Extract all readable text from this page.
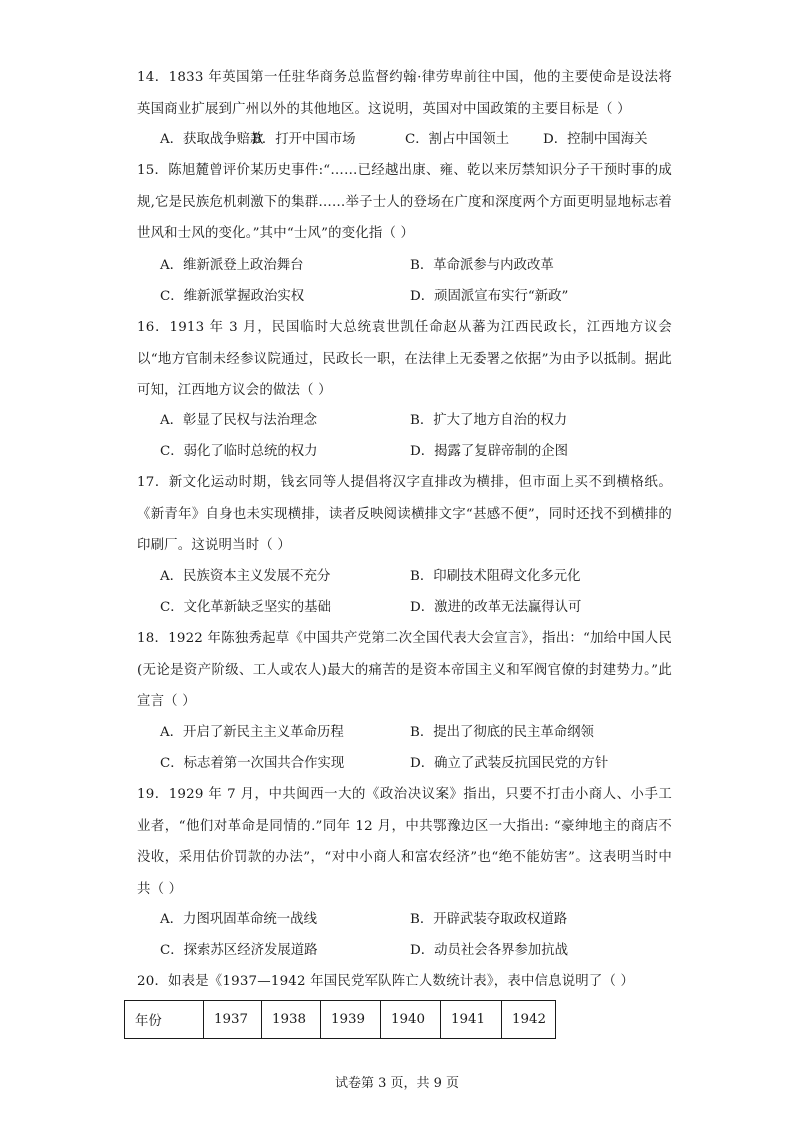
14．1833 年英国第一任驻华商务总监督约翰·律劳卑前往中国，他的主要使命是设法将英国商业扩展到广州以外的其他地区。这说明，英国对中国政策的主要目标是（ ）
A．获取战争赔款
B．打开中国市场	C．割占中国领土	D．控制中国海关
15．陈旭麓曾评价某历史事件:“……已经越出康、雍、乾以来厉禁知识分子干预时事的成规,它是民族危机刺激下的集群……举子士人的登场在广度和深度两个方面更明显地标志着世风和士风的变化。”其中“士风”的变化指（ ）
A．维新派登上政治舞台	B．革命派参与内政改革
C．维新派掌握政治实权	D．顽固派宣布实行“新政”
16．1913 年 3 月，民国临时大总统袁世凯任命赵从蕃为江西民政长，江西地方议会以“地方官制未经参议院通过，民政长一职，在法律上无委署之依据”为由予以抵制。据此可知，江西地方议会的做法（ ）
A．彰显了民权与法治理念	B．扩大了地方自治的权力
C．弱化了临时总统的权力	D．揭露了复辟帝制的企图
17．新文化运动时期，钱玄同等人提倡将汉字直排改为横排，但市面上买不到横格纸。《新青年》自身也未实现横排，读者反映阅读横排文字“甚感不便”，同时还找不到横排的印刷厂。这说明当时（ ）
A．民族资本主义发展不充分	B．印刷技术阻碍文化多元化
C．文化革新缺乏坚实的基础	D．激进的改革无法赢得认可
18．1922 年陈独秀起草《中国共产党第二次全国代表大会宣言》，指出：“加给中国人民(无论是资产阶级、工人或农人)最大的痛苦的是资本帝国主义和军阀官僚的封建势力。”此宣言（ ）
A．开启了新民主主义革命历程	B．提出了彻底的民主革命纲领
C．标志着第一次国共合作实现	D．确立了武装反抗国民党的方针
19．1929 年 7 月，中共闽西一大的《政治决议案》指出，只要不打击小商人、小手工业者，“他们对革命是同情的.”同年 12 月，中共鄂豫边区一大指出: “豪绅地主的商店不没收，采用估价罚款的办法”，“对中小商人和富农经济”也“绝不能妨害”。这表明当时中共（ ）
A．力图巩固革命统一战线	B．开辟武装夺取政权道路
C．探索苏区经济发展道路	D．动员社会各界参加抗战
20．如表是《1937—1942 年国民党军队阵亡人数统计表》，表中信息说明了（ ）
年份	1937	1938	1939	1940	1941	1942
试卷第 3 页，共 9 页
